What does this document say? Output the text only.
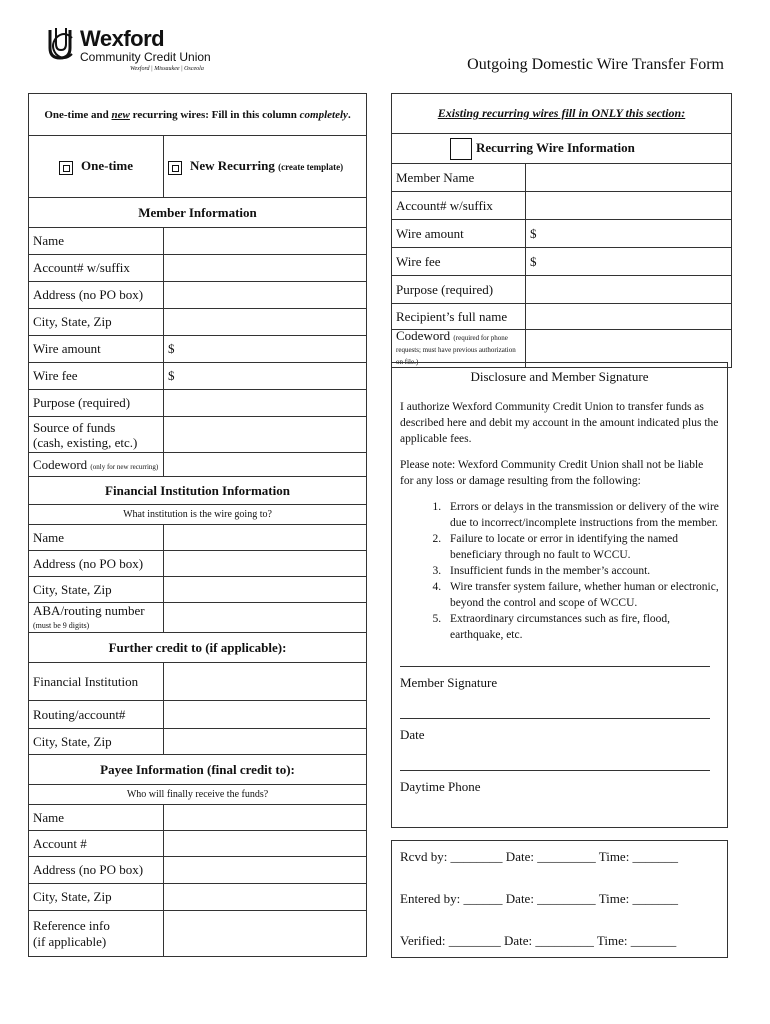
Wexford
Community Credit Union
Wexford | Missaukee | Osceola	Outgoing Domestic Wire Transfer Form
One-time and new recurring wires: Fill in this column completely.	
One-time	New Recurring (create template)
Member Information	
Name	
Account# w/suffix	
Address (no PO box)	
City, State, Zip	
Wire amount	$
Wire fee	$
Purpose (required)	
Source of funds
(cash, existing, etc.)	
Codeword (only for new recurring)	
Financial Institution Information	
What institution is the wire going to?	
Name	
Address (no PO box)	
City, State, Zip	
ABA/routing number
(must be 9 digits)	
Further credit to (if applicable):	
Financial Institution	
Routing/account#	
City, State, Zip	
Payee Information (final credit to):	
Who will finally receive the funds?	
Name	
Account #	
Address (no PO box)	
City, State, Zip	
Reference info
(if applicable)	
Existing recurring wires fill in ONLY this section:	
Recurring Wire Information	
Member Name	
Account# w/suffix	
Wire amount	$
Wire fee	$
Purpose (required)	
Recipient’s full name	
Codeword (required for phone
requests; must have previous authorization on file.)	
Disclosure and Member Signature

I authorize Wexford Community Credit Union to transfer funds as described here and debit my account in the amount indicated plus the applicable fees.

Please note: Wexford Community Credit Union shall not be liable for any loss or damage resulting from the following:

1. Errors or delays in the transmission or delivery of the wire due to incorrect/incomplete instructions from the member.
2. Failure to locate or error in identifying the named beneficiary through no fault to WCCU.
3. Insufficient funds in the member’s account.
4. Wire transfer system failure, whether human or electronic, beyond the control and scope of WCCU.
5. Extraordinary circumstances such as fire, flood, earthquake, etc.
Member Signature
Date
Daytime Phone
Rcvd by: ________ Date: _________ Time: _______
Entered by: ______ Date: _________ Time: _______
Verified: ________ Date: _________ Time: _______
